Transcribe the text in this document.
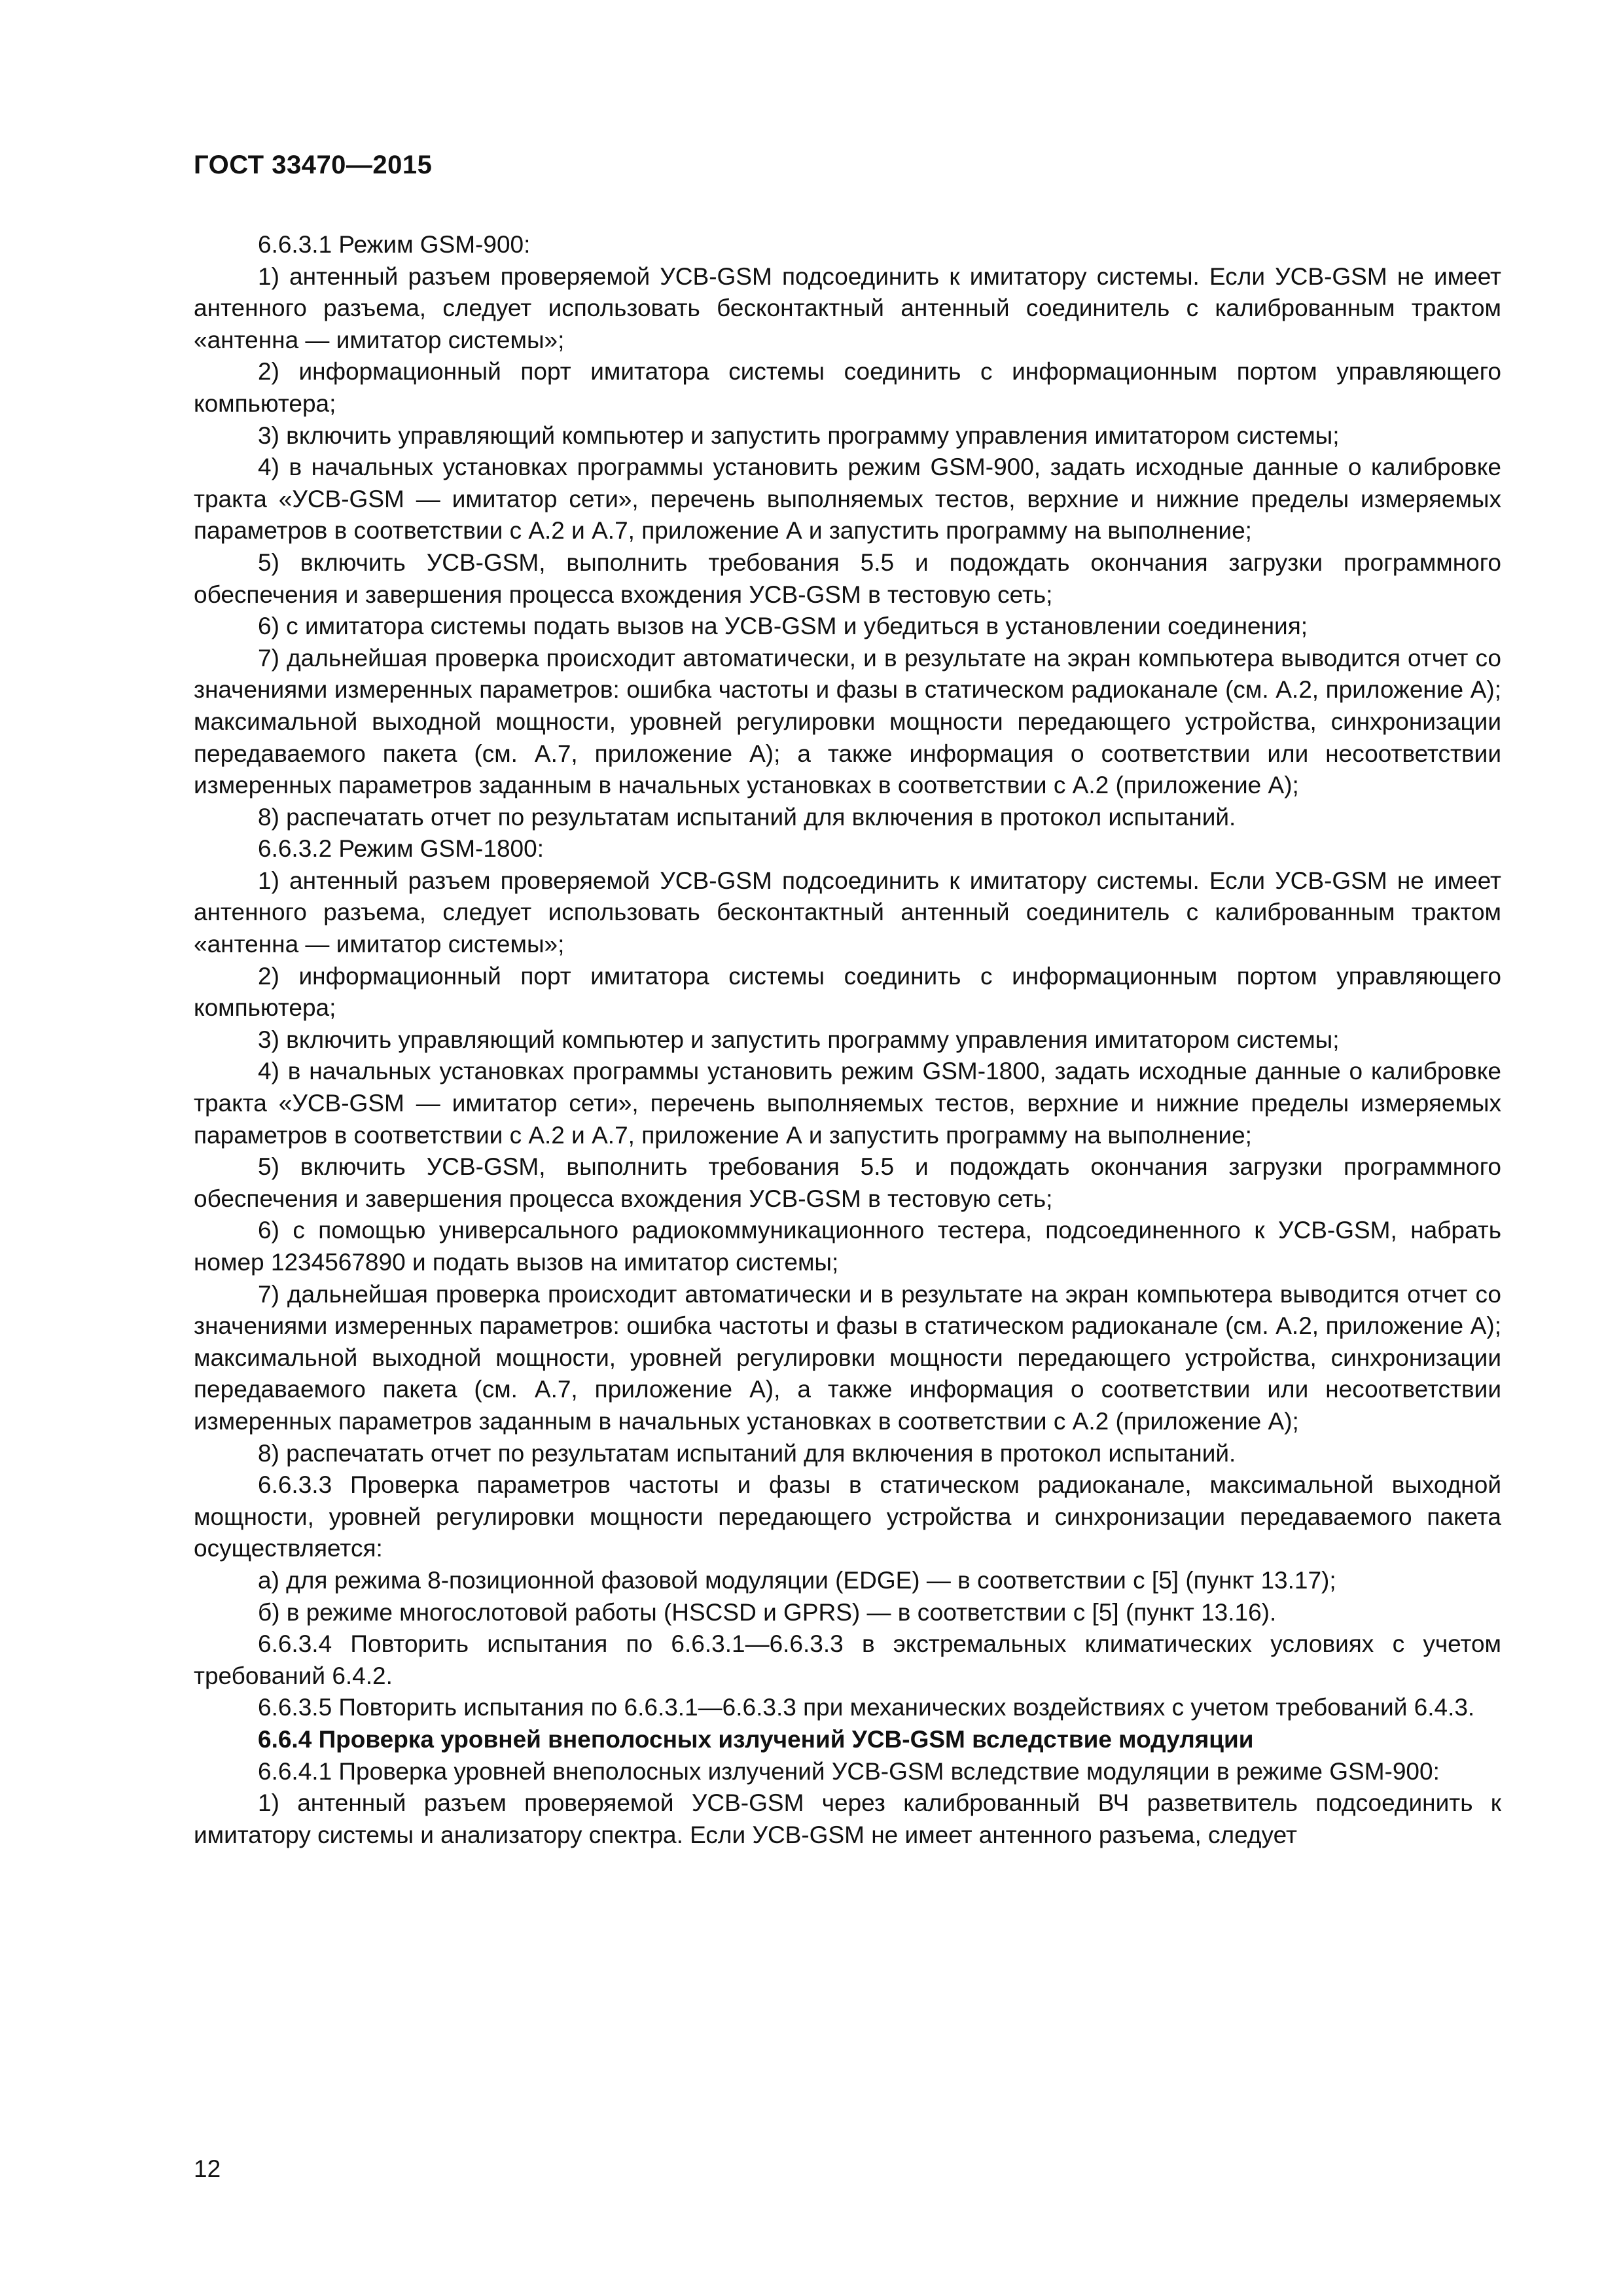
ГОСТ 33470—2015

6.6.3.1 Режим GSM-900:

1) антенный разъем проверяемой УСВ-GSM подсоединить к имитатору системы. Если УСВ-GSM не имеет антенного разъема, следует использовать бесконтактный антенный соединитель с калиброванным трактом «антенна — имитатор системы»;

2) информационный порт имитатора системы соединить с информационным портом управляющего компьютера;

3) включить управляющий компьютер и запустить программу управления имитатором системы;

4) в начальных установках программы установить режим GSM-900, задать исходные данные о калибровке тракта «УСВ-GSM — имитатор сети», перечень выполняемых тестов, верхние и нижние пределы измеряемых параметров в соответствии с А.2 и А.7, приложение А и запустить программу на выполнение;

5) включить УСВ-GSM, выполнить требования 5.5 и подождать окончания загрузки программного обеспечения и завершения процесса вхождения УСВ-GSM в тестовую сеть;

6) с имитатора системы подать вызов на УСВ-GSM и убедиться в установлении соединения;

7) дальнейшая проверка происходит автоматически, и в результате на экран компьютера выводится отчет со значениями измеренных параметров: ошибка частоты и фазы в статическом радиоканале (см. А.2, приложение А); максимальной выходной мощности, уровней регулировки мощности передающего устройства, синхронизации передаваемого пакета (см. А.7, приложение А); а также информация о соответствии или несоответствии измеренных параметров заданным в начальных установках в соответствии с А.2 (приложение А);

8) распечатать отчет по результатам испытаний для включения в протокол испытаний.

6.6.3.2 Режим GSM-1800:

1) антенный разъем проверяемой УСВ-GSM подсоединить к имитатору системы. Если УСВ-GSM не имеет антенного разъема, следует использовать бесконтактный антенный соединитель с калиброванным трактом «антенна — имитатор системы»;

2) информационный порт имитатора системы соединить с информационным портом управляющего компьютера;

3) включить управляющий компьютер и запустить программу управления имитатором системы;

4) в начальных установках программы установить режим GSM-1800, задать исходные данные о калибровке тракта «УСВ-GSM — имитатор сети», перечень выполняемых тестов, верхние и нижние пределы измеряемых параметров в соответствии с А.2 и А.7, приложение А и запустить программу на выполнение;

5) включить УСВ-GSM, выполнить требования 5.5 и подождать окончания загрузки программного обеспечения и завершения процесса вхождения УСВ-GSM в тестовую сеть;

6) с помощью универсального радиокоммуникационного тестера, подсоединенного к УСВ-GSM, набрать номер 1234567890 и подать вызов на имитатор системы;

7) дальнейшая проверка происходит автоматически и в результате на экран компьютера выводится отчет со значениями измеренных параметров: ошибка частоты и фазы в статическом радиоканале (см. А.2, приложение А); максимальной выходной мощности, уровней регулировки мощности передающего устройства, синхронизации передаваемого пакета (см. А.7, приложение А), а также информация о соответствии или несоответствии измеренных параметров заданным в начальных установках в соответствии с А.2 (приложение А);

8) распечатать отчет по результатам испытаний для включения в протокол испытаний.

6.6.3.3 Проверка параметров частоты и фазы в статическом радиоканале, максимальной выходной мощности, уровней регулировки мощности передающего устройства и синхронизации передаваемого пакета осуществляется:

а) для режима 8-позиционной фазовой модуляции (EDGE) — в соответствии с [5] (пункт 13.17);

б) в режиме многослотовой работы (HSCSD и GPRS) — в соответствии с [5] (пункт 13.16).

6.6.3.4 Повторить испытания по 6.6.3.1—6.6.3.3 в экстремальных климатических условиях с учетом требований 6.4.2.

6.6.3.5 Повторить испытания по 6.6.3.1—6.6.3.3 при механических воздействиях с учетом требований 6.4.3.

6.6.4 Проверка уровней внеполосных излучений УСВ-GSM вследствие модуляции

6.6.4.1 Проверка уровней внеполосных излучений УСВ-GSM вследствие модуляции в режиме GSM-900:

1) антенный разъем проверяемой УСВ-GSM через калиброванный ВЧ разветвитель подсоединить к имитатору системы и анализатору спектра. Если УСВ-GSM не имеет антенного разъема, следует

12
